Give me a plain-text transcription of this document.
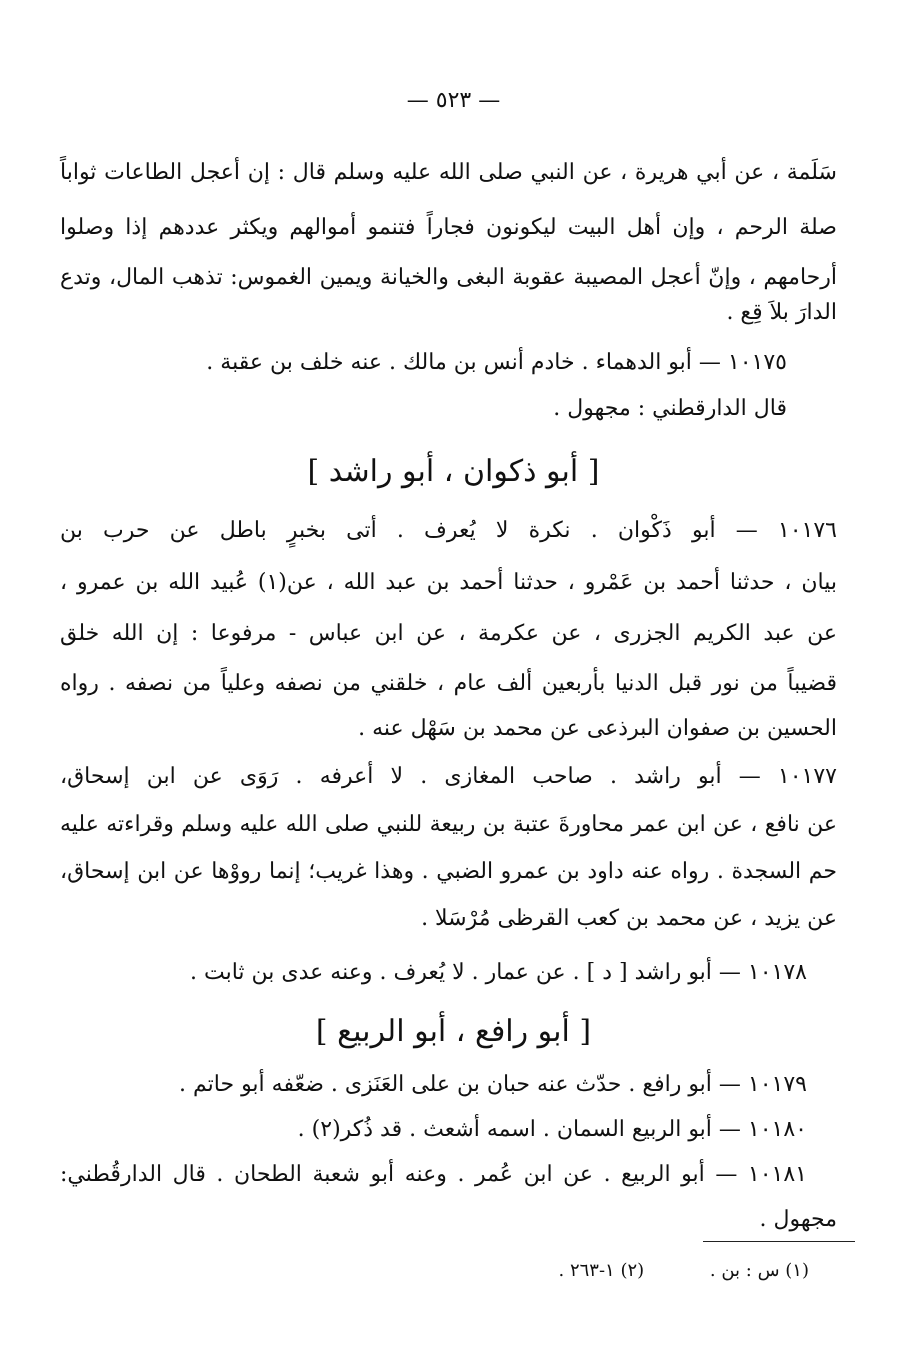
— ٥٢٣ —
سَلَمة ، عن أبي هريرة ، عن النبي صلى الله عليه وسلم قال : إن أعجل الطاعات ثواباً
صلة الرحم ، وإن أهل البيت ليكونون فجاراً فتنمو أموالهم ويكثر عددهم إذا وصلوا
أرحامهم ، وإنّ أعجل المصيبة عقوبة البغى والخيانة ويمين الغموس: تذهب المال، وتدع
الدارَ بلاَ قِع .
١٠١٧٥ — أبو الدهماء . خادم أنس بن مالك . عنه خلف بن عقبة .
قال الدارقطني : مجهول .
[ أبو ذكوان ، أبو راشد ]
١٠١٧٦ — أبو ذَكْوان . نكرة لا يُعرف . أتى بخبرٍ باطل عن حرب بن
بيان ، حدثنا أحمد بن عَمْرو ، حدثنا أحمد بن عبد الله ، عن(١) عُبيد الله بن عمرو ،
عن عبد الكريم الجزرى ، عن عكرمة ، عن ابن عباس - مرفوعا : إن الله خلق
قضيباً من نور قبل الدنيا بأربعين ألف عام ، خلقني من نصفه وعلياً من نصفه . رواه
الحسين بن صفوان البرذعى عن محمد بن سَهْل عنه .
١٠١٧٧ — أبو راشد . صاحب المغازى . لا أعرفه . رَوَى عن ابن إسحاق،
عن نافع ، عن ابن عمر محاورةَ عتبة بن ربيعة للنبي صلى الله عليه وسلم وقراءته عليه
حم السجدة . رواه عنه داود بن عمرو الضبي . وهذا غريب؛ إنما رووْها عن ابن إسحاق،
عن يزيد ، عن محمد بن كعب القرظى مُرْسَلا .
١٠١٧٨ — أبو راشد [ د ] . عن عمار . لا يُعرف . وعنه عدى بن ثابت .
[ أبو رافع ، أبو الربيع ]
١٠١٧٩ — أبو رافع . حدّث عنه حبان بن على العَنَزى . ضعّفه أبو حاتم .
١٠١٨٠ — أبو الربيع السمان . اسمه أشعث . قد ذُكر(٢) .
١٠١٨١ — أبو الربيع . عن ابن عُمر . وعنه أبو شعبة الطحان . قال الدارقُطني:
مجهول .
(١) س : بن . (٢) ١-٢٦٣ .
